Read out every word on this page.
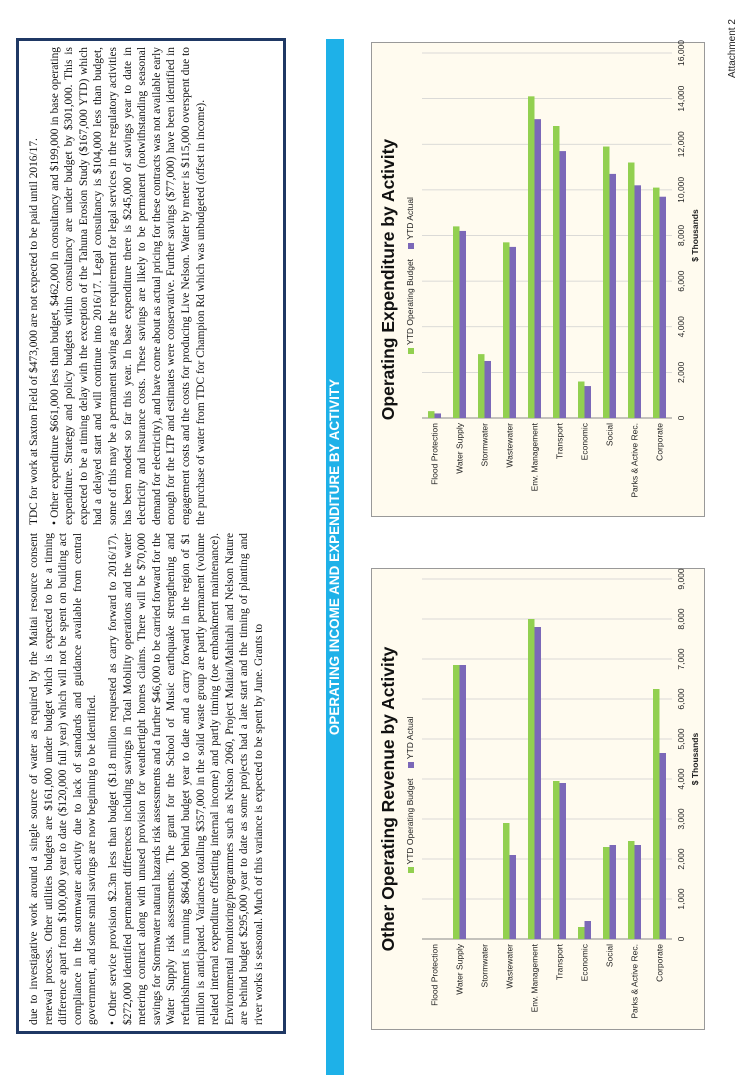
Attachment 2

due to investigative work around a single source of water as required by the Maitai resource consent renewal process. Other utilities budgets are $161,000 under budget which is expected to be a timing difference apart from $100,000 year to date ($120,000 full year) which will not be spent on building act compliance in the stormwater activity due to lack of standards and guidance available from central government, and some small savings are now beginning to be identified. • Other service provision $2.3m less than budget ($1.8 million requested as carry forward to 2016/17). $272,000 identified permanent differences including savings in Total Mobility operations and the water metering contract along with unused provision for weathertight homes claims. There will be $70,000 savings for Stormwater natural hazards risk assessments and a further $46,000 to be carried forward for the Water Supply risk assessments. The grant for the School of Music earthquake strengthening and refurbishment is running $864,000 behind budget year to date and a carry forward in the region of $1 million is anticipated. Variances totalling $357,000 in the solid waste group are partly permanent (volume related internal expenditure offsetting internal income) and partly timing (toe embankment maintenance). Environmental monitoring/programmes such as Nelson 2060, Project Maitai/Mahitahi and Nelson Nature are behind budget $295,000 year to date as some projects had a late start and the timing of planting and river works is seasonal. Much of this variance is expected to be spent by June. Grants to

TDC for work at Saxton Field of $473,000 are not expected to be paid until 2016/17. • Other expenditure $661,000 less than budget, $462,000 in consultancy and $199,000 in base operating expenditure. Strategy and policy budgets within consultancy are under budget by $301,000. This is expected to be a timing delay with the exception of the Tahuna Erosion Study ($167,000 YTD) which had a delayed start and will continue into 2016/17. Legal consultancy is $104,000 less than budget, some of this may be a permanent saving as the requirement for legal services in the regulatory activities has been modest so far this year. In base expenditure there is $245,000 of savings year to date in electricity and insurance costs. These savings are likely to be permanent (notwithstanding seasonal demand for electricity), and have come about as actual pricing for these contracts was not available early enough for the LTP and estimates were conservative. Further savings ($77,000) have been identified in engagement costs and the costs for producing Live Nelson. Water by meter is $115,000 overspent due to the purchase of water from TDC for Champion Rd which was unbudgeted (offset in income).

OPERATING INCOME AND EXPENDITURE BY ACTIVITY
Other Operating Revenue by Activity YTD Operating Budget YTD Actual
0
1,000
2,000
3,000
4,000
5,000
6,000
7,000
8,000
9,000
$ Thousands
Flood Protection Water Supply Stormwater Wastewater Env. Management Transport Economic Social Parks & Active Rec. Corporate
Operating Expenditure by Activity YTD Operating Budget YTD Actual
0
2,000
4,000
6,000
8,000
10,000
12,000
14,000
16,000
$ Thousands
Flood Protection Water Supply Stormwater Wastewater Env. Management Transport Economic Social Parks & Active Rec. Corporate
